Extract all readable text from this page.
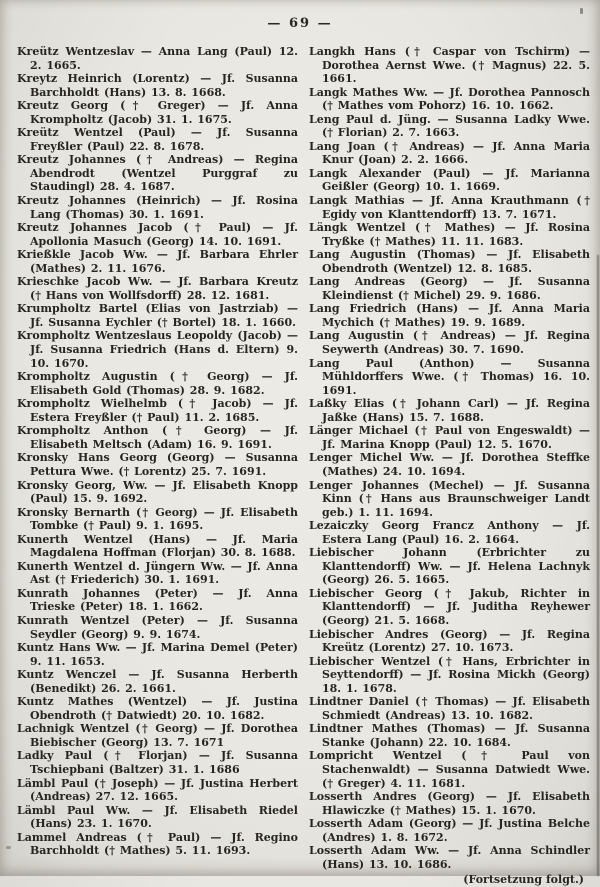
— 69 —

Kreütz Wentzeslav — Anna Lang (Paul) 12. 2. 1665.

Kreytz Heinrich (Lorentz) — Jf. Susanna Barchholdt (Hans) 13. 8. 1668.

Kreutz Georg († Greger) — Jf. Anna Krompholtz (Jacob) 31. 1. 1675.

Kreütz Wentzel (Paul) — Jf. Susanna Freyßler (Paul) 22. 8. 1678.

Kreutz Johannes († Andreas) — Regina Abendrodt (Wentzel Purggraf zu Staudingl) 28. 4. 1687.

Kreutz Johannes (Heinrich) — Jf. Rosina Lang (Thomas) 30. 1. 1691.

Kreutz Johannes Jacob († Paul) — Jf. Apollonia Masuch (Georg) 14. 10. 1691.

Krießkle Jacob Ww. — Jf. Barbara Ehrler (Mathes) 2. 11. 1676.

Krieschke Jacob Ww. — Jf. Barbara Kreutz († Hans von Wollfsdorff) 28. 12. 1681.

Krumpholtz Bartel (Elias von Jastrziab) — Jf. Susanna Eychler († Bortel) 18. 1. 1660.

Krompholtz Wentzeslaus Leopoldy (Jacob) — Jf. Susanna Friedrich (Hans d. Eltern) 9. 10. 1670.

Krompholtz Augustin († Georg) — Jf. Elisabeth Gold (Thomas) 28. 9. 1682.

Krompholtz Wielhelmb († Jacob) — Jf. Estera Freyßler († Paul) 11. 2. 1685.

Krompholtz Anthon († Georg) — Jf. Elisabeth Meltsch (Adam) 16. 9. 1691.

Kronsky Hans Georg (Georg) — Susanna Pettura Wwe. († Lorentz) 25. 7. 1691.

Kronsky Georg, Ww. — Jf. Elisabeth Knopp (Paul) 15. 9. 1692.

Kronsky Bernarth († Georg) — Jf. Elisabeth Tombke († Paul) 9. 1. 1695.

Kunerth Wentzel (Hans) — Jf. Maria Magdalena Hoffman (Florjan) 30. 8. 1688.

Kunerth Wentzel d. Jüngern Ww. — Jf. Anna Ast († Friederich) 30. 1. 1691.

Kunrath Johannes (Peter) — Jf. Anna Trieske (Peter) 18. 1. 1662.

Kunrath Wentzel (Peter) — Jf. Susanna Seydler (Georg) 9. 9. 1674.

Kuntz Hans Ww. — Jf. Marina Demel (Peter) 9. 11. 1653.

Kuntz Wenczel — Jf. Susanna Herberth (Benedikt) 26. 2. 1661.

Kuntz Mathes (Wentzel) — Jf. Justina Obendroth († Datwiedt) 20. 10. 1682.

Lachnigk Wentzel († Georg) — Jf. Dorothea Biebischer (Georg) 13. 7. 1671

Ladky Paul († Florjan) — Jf. Susanna Tschiepbani (Baltzer) 31. 1. 1686

Lämbl Paul († Joseph) — Jf. Justina Herbert (Andreas) 27. 12. 1665.

Lämbl Paul Ww. — Jf. Elisabeth Riedel (Hans) 23. 1. 1670.

Lammel Andreas († Paul) — Jf. Regino Barchholdt († Mathes) 5. 11. 1693.

Langkh Hans († Caspar von Tschirm) — Dorothea Aernst Wwe. († Magnus) 22. 5. 1661.

Langk Mathes Ww. — Jf. Dorothea Pannosch († Mathes vom Pohorz) 16. 10. 1662.

Leng Paul d. Jüng. — Susanna Ladky Wwe. († Florian) 2. 7. 1663.

Lang Joan († Andreas) — Jf. Anna Maria Knur (Joan) 2. 2. 1666.

Langk Alexander (Paul) — Jf. Marianna Geißler (Georg) 10. 1. 1669.

Langk Mathias — Jf. Anna Krauthmann († Egidy von Klanttendorff) 13. 7. 1671.

Längk Wentzel († Mathes) — Jf. Rosina Tryßke († Mathes) 11. 11. 1683.

Lang Augustin (Thomas) — Jf. Elisabeth Obendroth (Wentzel) 12. 8. 1685.

Lang Andreas (Georg) — Jf. Susanna Kleindienst († Michel) 29. 9. 1686.

Lang Friedrich (Hans) — Jf. Anna Maria Mychich († Mathes) 19. 9. 1689.

Lang Augustin († Andreas) — Jf. Regina Seywerth (Andreas) 30. 7. 1690.

Lang Paul (Anthon) — Susanna Mühldorffers Wwe. († Thomas) 16. 10. 1691.

Laßky Elias († Johann Carl) — Jf. Regina Jaßke (Hans) 15. 7. 1688.

Länger Michael († Paul von Engeswaldt) — Jf. Marina Knopp (Paul) 12. 5. 1670.

Lenger Michel Ww. — Jf. Dorothea Steffke (Mathes) 24. 10. 1694.

Lenger Johannes (Mechel) — Jf. Susanna Kinn († Hans aus Braunschweiger Landt geb.) 1. 11. 1694.

Lezaiczky Georg Francz Anthony — Jf. Estera Lang (Paul) 16. 2. 1664.

Liebischer Johann (Erbrichter zu Klanttendorff) Ww. — Jf. Helena Lachnyk (Georg) 26. 5. 1665.

Liebischer Georg († Jakub, Richter in Klanttendorff) — Jf. Juditha Reyhewer (Georg) 21. 5. 1668.

Liebischer Andres (Georg) — Jf. Regina Kreütz (Lorentz) 27. 10. 1673.

Liebischer Wentzel († Hans, Erbrichter in Seyttendorff) — Jf. Rosina Mickh (Georg) 18. 1. 1678.

Lindtner Daniel († Thomas) — Jf. Elisabeth Schmiedt (Andreas) 13. 10. 1682.

Lindtner Mathes (Thomas) — Jf. Susanna Stanke (Johann) 22. 10. 1684.

Lompricht Wentzel († Paul von Stachenwaldt) — Susanna Datwiedt Wwe. († Greger) 4. 11. 1681.

Losserth Andres (Georg) — Jf. Elisabeth Hlawiczke († Mathes) 15. 1. 1670.

Losserth Adam (Georg) — Jf. Justina Belche (Andres) 1. 8. 1672.

Losserth Adam Ww. — Jf. Anna Schindler (Hans) 13. 10. 1686.

(Fortsetzung folgt.)
